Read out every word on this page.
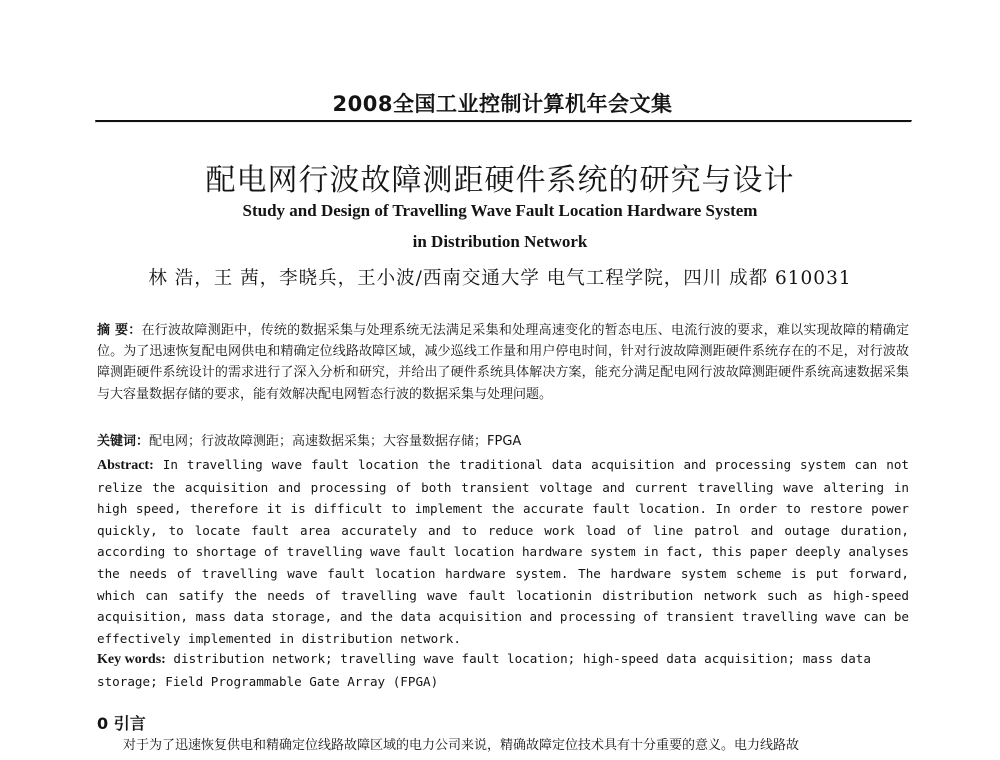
2008全国工业控制计算机年会文集
配电网行波故障测距硬件系统的研究与设计
Study and Design of Travelling Wave Fault Location Hardware System
in Distribution Network
林 浩，王 茜，李晓兵，王小波/西南交通大学 电气工程学院，四川 成都 610031
摘 要：在行波故障测距中，传统的数据采集与处理系统无法满足采集和处理高速变化的暂态电压、电流行波的要求，难以实现故障的精确定位。为了迅速恢复配电网供电和精确定位线路故障区域，减少巡线工作量和用户停电时间，针对行波故障测距硬件系统存在的不足，对行波故障测距硬件系统设计的需求进行了深入分析和研究，并给出了硬件系统具体解决方案，能充分满足配电网行波故障测距硬件系统高速数据采集与大容量数据存储的要求，能有效解决配电网暂态行波的数据采集与处理问题。
关键词：配电网；行波故障测距；高速数据采集；大容量数据存储；FPGA
Abstract: In travelling wave fault location the traditional data acquisition and processing system can not relize the acquisition and processing of both transient voltage and current travelling wave altering in high speed, therefore it is difficult to implement the accurate fault location. In order to restore power quickly, to locate fault area accurately and to reduce work load of line patrol and outage duration, according to shortage of travelling wave fault location hardware system in fact, this paper deeply analyses the needs of travelling wave fault location hardware system. The hardware system scheme is put forward, which can satify the needs of travelling wave fault locationin distribution network such as high-speed acquisition, mass data storage, and the data acquisition and processing of transient travelling wave can be effectively implemented in distribution network.
Key words: distribution network; travelling wave fault location; high-speed data acquisition; mass data storage; Field Programmable Gate Array (FPGA)
0 引言
对于为了迅速恢复供电和精确定位线路故障区域的电力公司来说，精确故障定位技术具有十分重要的意义。电力线路故
